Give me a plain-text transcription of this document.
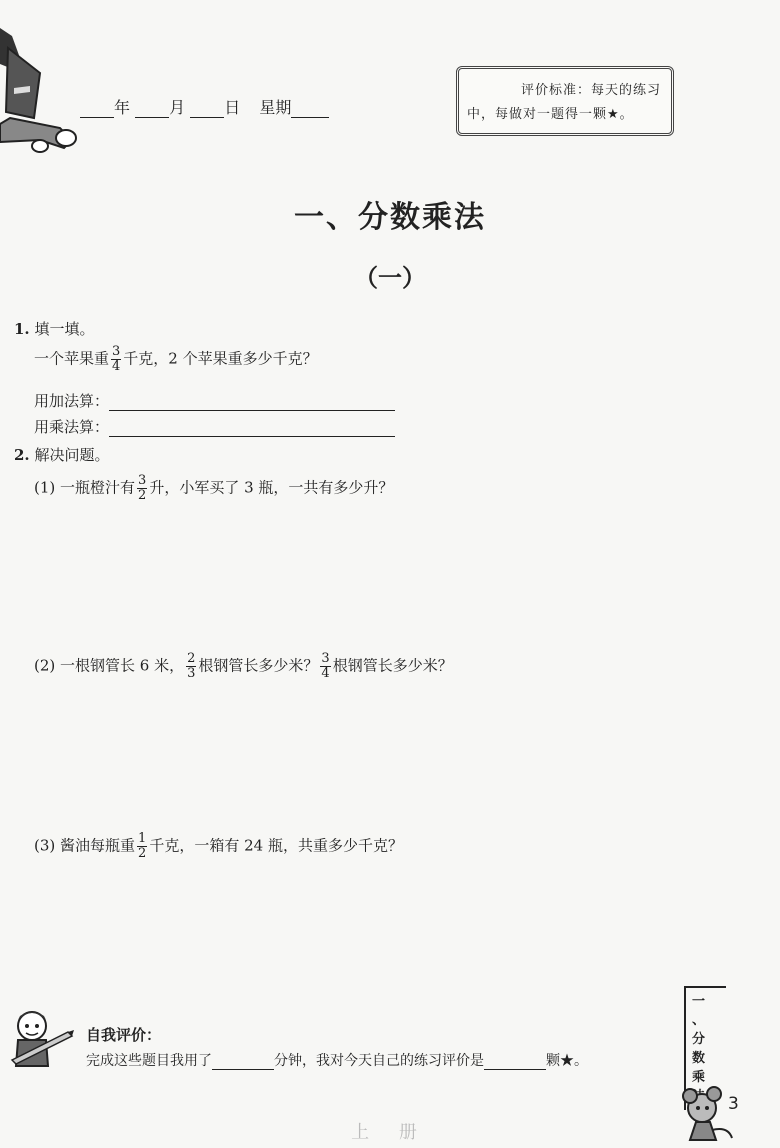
年 月 日 星期
评价标准：每天的练习
中，每做对一题得一颗★。
一、分数乘法
（一）
1. 填一填。
一个苹果重 $\frac{3}{4}$ 千克，2 个苹果重多少千克？
用加法算：
用乘法算：
2. 解决问题。
(1) 一瓶橙汁有 $\frac{3}{2}$ 升，小军买了 3 瓶，一共有多少升？
(2) 一根钢管长 6 米， $\frac{2}{3}$ 根钢管长多少米？ $\frac{3}{4}$ 根钢管长多少米？
(3) 酱油每瓶重 $\frac{1}{2}$ 千克，一箱有 24 瓶，共重多少千克？
自我评价：
完成这些题目我用了	分钟，我对今天自己的练习评价是	颗★。
一
、
分
数
乘
3
上 册
